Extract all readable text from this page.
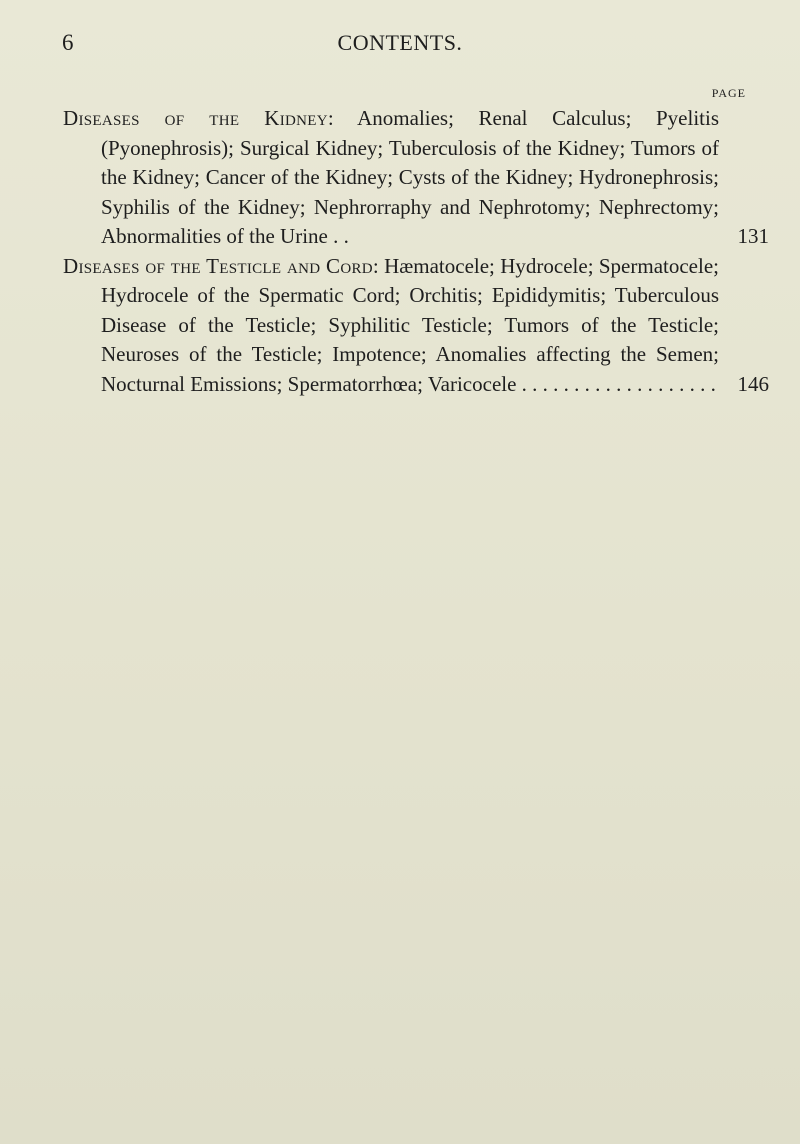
6	CONTENTS.
PAGE
Diseases of the Kidney: Anomalies; Renal Calculus; Pyelitis (Pyonephrosis); Surgical Kidney; Tuberculosis of the Kidney; Tumors of the Kidney; Cancer of the Kidney; Cysts of the Kidney; Hydronephrosis; Syphilis of the Kidney; Nephrorraphy and Nephrotomy; Nephrectomy; Abnormalities of the Urine . .	131
Diseases of the Testicle and Cord: Hæmatocele; Hydrocele; Spermatocele; Hydrocele of the Spermatic Cord; Orchitis; Epididymitis; Tuberculous Disease of the Testicle; Syphilitic Testicle; Tumors of the Testicle; Neuroses of the Testicle; Impotence; Anomalies affecting the Semen; Nocturnal Emissions; Spermatorrhœa; Varicocele . . . . . . . . . . . . . . . . . . . 146
